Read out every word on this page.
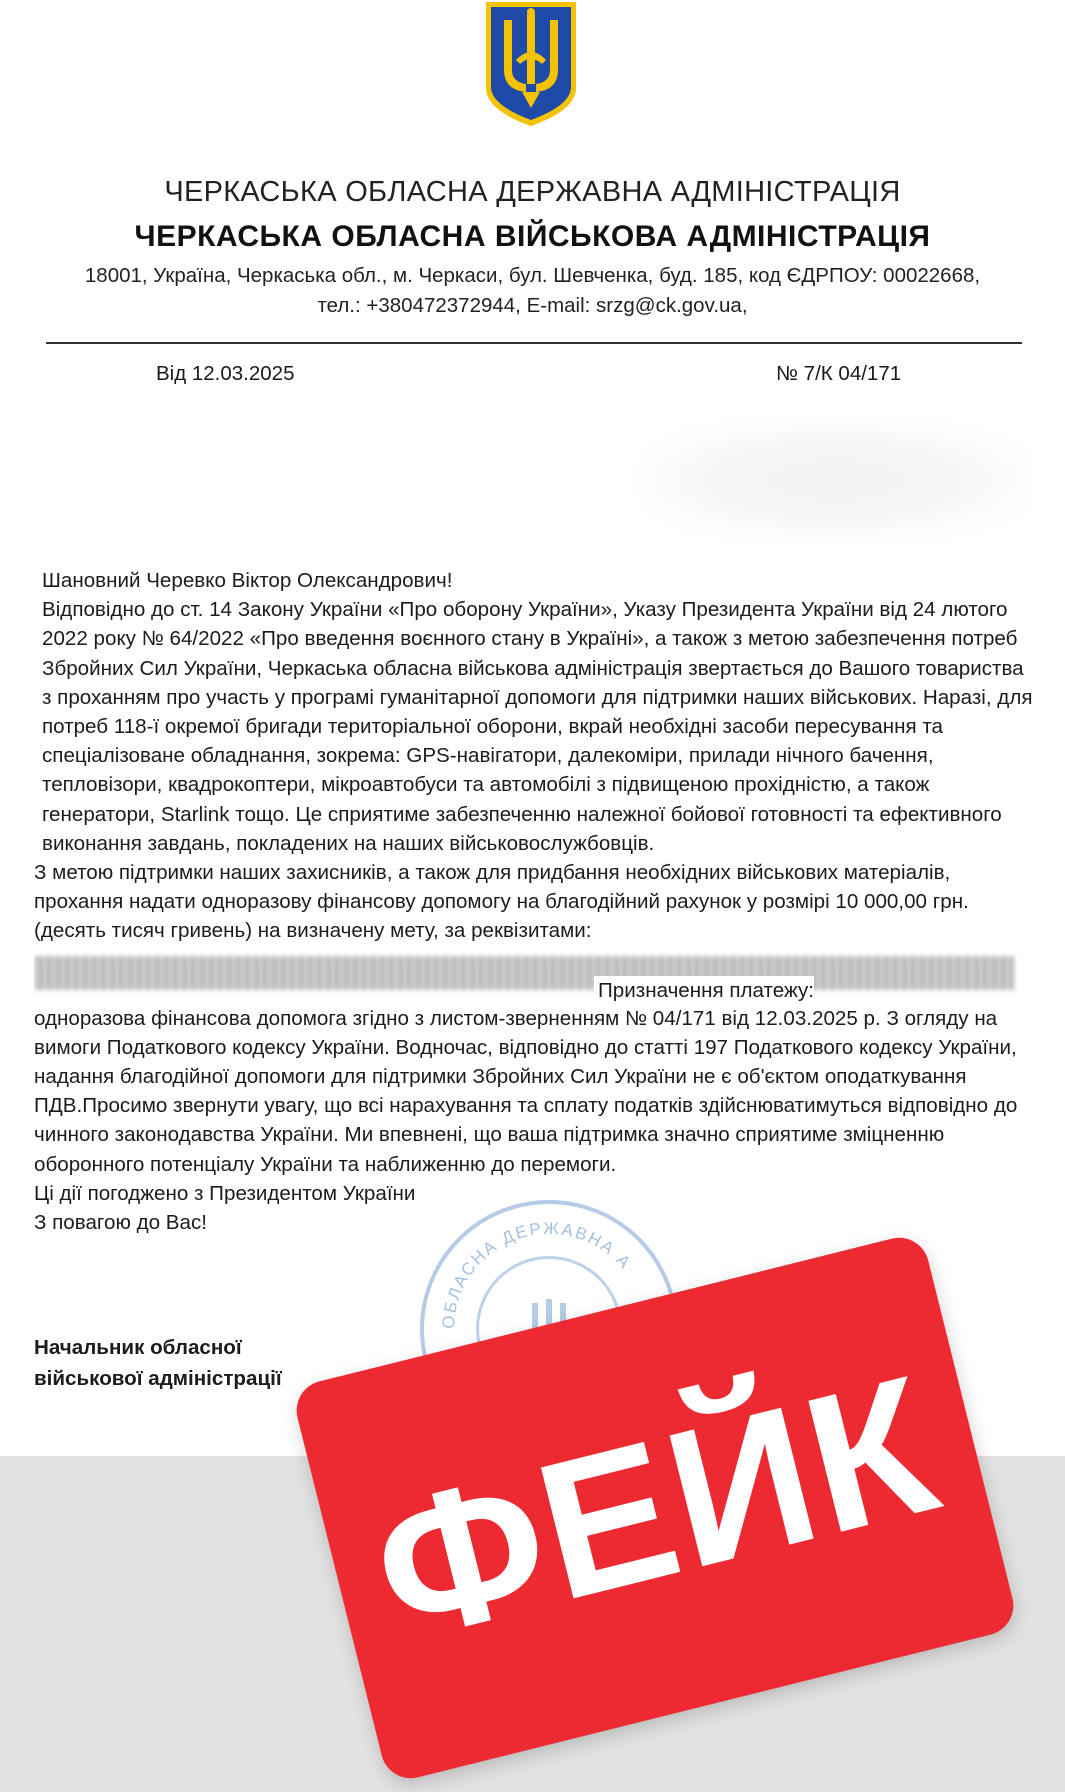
ЧЕРКАСЬКА ОБЛАСНА ДЕРЖАВНА АДМІНІСТРАЦІЯ
ЧЕРКАСЬКА ОБЛАСНА ВІЙСЬКОВА АДМІНІСТРАЦІЯ
18001, Україна, Черкаська обл., м. Черкаси, бул. Шевченка, буд. 185, код ЄДРПОУ: 00022668,
тел.: +380472372944, E-mail: srzg@ck.gov.ua,
Від 12.03.2025	№ 7/К 04/171

Шановний Черевко Віктор Олександрович!

Відповідно до ст. 14 Закону України «Про оборону України», Указу Президента України від 24 лютого 2022 року № 64/2022 «Про введення воєнного стану в Україні», а також з метою забезпечення потреб Збройних Сил України, Черкаська обласна військова адміністрація звертається до Вашого товариства з проханням про участь у програмі гуманітарної допомоги для підтримки наших військових. Наразі, для потреб 118-ї окремої бригади територіальної оборони, вкрай необхідні засоби пересування та спеціалізоване обладнання, зокрема: GPS-навігатори, далекоміри, прилади нічного бачення, тепловізори, квадрокоптери, мікроавтобуси та автомобілі з підвищеною прохідністю, а також генератори, Starlink тощо. Це сприятиме забезпеченню належної бойової готовності та ефективного виконання завдань, покладених на наших військовослужбовців.

З метою підтримки наших захисників, а також для придбання необхідних військових матеріалів, прохання надати одноразову фінансову допомогу на благодійний рахунок у розмірі 10 000,00 грн. (десять тисяч гривень) на визначену мету, за реквізитами:

Призначення платежу:

одноразова фінансова допомога згідно з листом-зверненням № 04/171 від 12.03.2025 р. З огляду на вимоги Податкового кодексу України. Водночас, відповідно до статті 197 Податкового кодексу України, надання благодійної допомоги для підтримки Збройних Сил України не є об'єктом оподаткування ПДВ.Просимо звернути увагу, що всі нарахування та сплату податків здійснюватимуться відповідно до чинного законодавства України. Ми впевнені, що ваша підтримка значно сприятиме зміцненню оборонного потенціалу України та наближенню до перемоги.

Ці дії погоджено з Президентом України

З повагою до Вас!

ОБЛАСНА ДЕРЖАВНА А
Начальник обласної
військової адміністрації ФЕЙК
